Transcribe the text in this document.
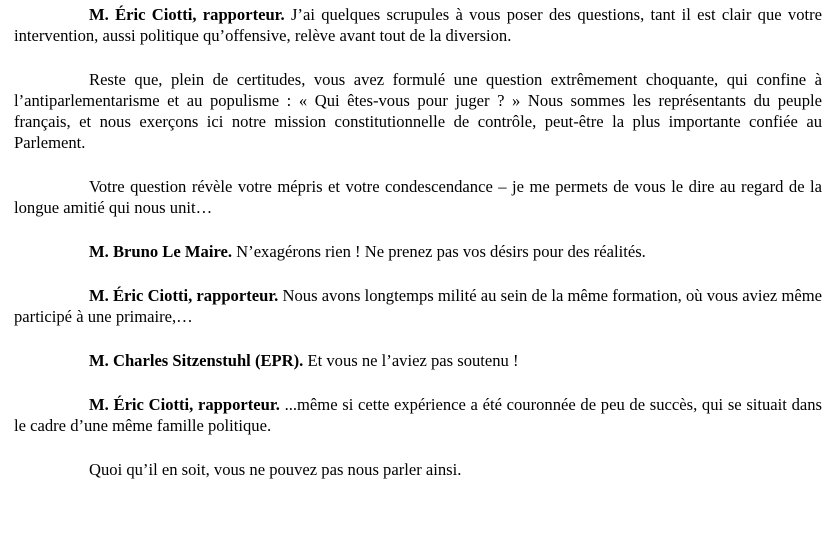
M. Éric Ciotti, rapporteur. J’ai quelques scrupules à vous poser des questions, tant il est clair que votre intervention, aussi politique qu’offensive, relève avant tout de la diversion.

Reste que, plein de certitudes, vous avez formulé une question extrêmement choquante, qui confine à l’antiparlementarisme et au populisme : « Qui êtes-vous pour juger ? » Nous sommes les représentants du peuple français, et nous exerçons ici notre mission constitutionnelle de contrôle, peut-être la plus importante confiée au Parlement.

Votre question révèle votre mépris et votre condescendance – je me permets de vous le dire au regard de la longue amitié qui nous unit…

M. Bruno Le Maire. N’exagérons rien ! Ne prenez pas vos désirs pour des réalités.

M. Éric Ciotti, rapporteur. Nous avons longtemps milité au sein de la même formation, où vous aviez même participé à une primaire,…

M. Charles Sitzenstuhl (EPR). Et vous ne l’aviez pas soutenu !

M. Éric Ciotti, rapporteur. ...même si cette expérience a été couronnée de peu de succès, qui se situait dans le cadre d’une même famille politique.

Quoi qu’il en soit, vous ne pouvez pas nous parler ainsi.
